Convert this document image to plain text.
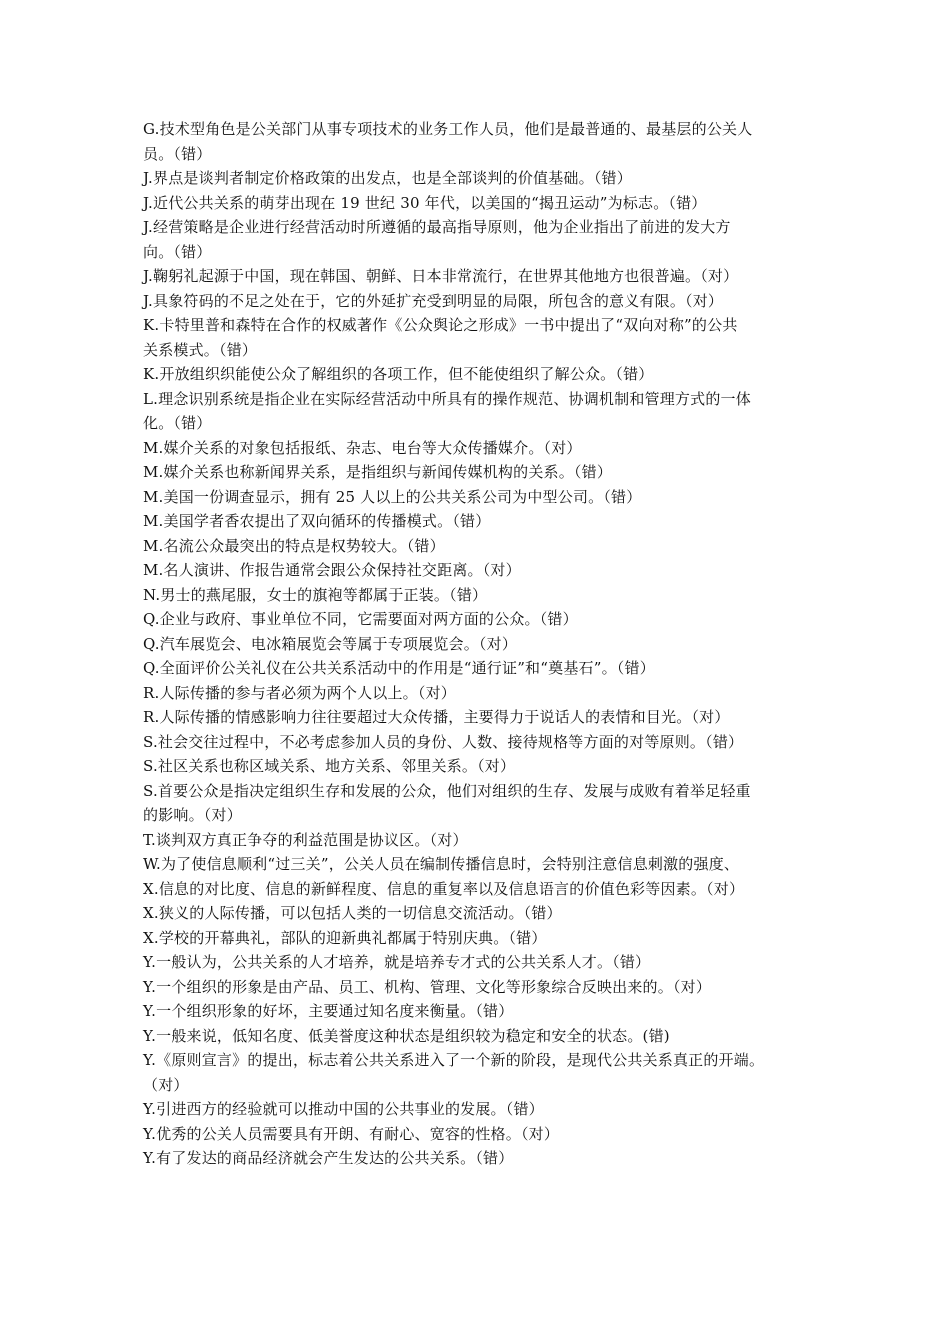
G.技术型角色是公关部门从事专项技术的业务工作人员，他们是最普通的、最基层的公关人

员。（错）

J.界点是谈判者制定价格政策的出发点，也是全部谈判的价值基础。（错）

J.近代公共关系的萌芽出现在 19 世纪 30 年代，以美国的“揭丑运动”为标志。（错）

J.经营策略是企业进行经营活动时所遵循的最高指导原则，他为企业指出了前进的发大方

向。（错）

J.鞠躬礼起源于中国，现在韩国、朝鲜、日本非常流行，在世界其他地方也很普遍。（对）

J.具象符码的不足之处在于，它的外延扩充受到明显的局限，所包含的意义有限。（对）

K.卡特里普和森特在合作的权威著作《公众舆论之形成》一书中提出了“双向对称”的公共

关系模式。（错）

K.开放组织织能使公众了解组织的各项工作，但不能使组织了解公众。（错）

L.理念识别系统是指企业在实际经营活动中所具有的操作规范、协调机制和管理方式的一体

化。（错）

M.媒介关系的对象包括报纸、杂志、电台等大众传播媒介。（对）

M.媒介关系也称新闻界关系，是指组织与新闻传媒机构的关系。（错）

M.美国一份调查显示，拥有 25 人以上的公共关系公司为中型公司。（错）

M.美国学者香农提出了双向循环的传播模式。（错）

M.名流公众最突出的特点是权势较大。（错）

M.名人演讲、作报告通常会跟公众保持社交距离。（对）

N.男士的燕尾服，女士的旗袍等都属于正装。（错）

Q.企业与政府、事业单位不同，它需要面对两方面的公众。（错）

Q.汽车展览会、电冰箱展览会等属于专项展览会。（对）

Q.全面评价公关礼仪在公共关系活动中的作用是“通行证”和“奠基石”。（错）

R.人际传播的参与者必须为两个人以上。（对）

R.人际传播的情感影响力往往要超过大众传播，主要得力于说话人的表情和目光。（对）

S.社会交往过程中，不必考虑参加人员的身份、人数、接待规格等方面的对等原则。（错）

S.社区关系也称区域关系、地方关系、邻里关系。（对）

S.首要公众是指决定组织生存和发展的公众，他们对组织的生存、发展与成败有着举足轻重

的影响。（对）

T.谈判双方真正争夺的利益范围是协议区。（对）

W.为了使信息顺利“过三关”，公关人员在编制传播信息时，会特别注意信息刺激的强度、

X.信息的对比度、信息的新鲜程度、信息的重复率以及信息语言的价值色彩等因素。（对）

X.狭义的人际传播，可以包括人类的一切信息交流活动。（错）

X.学校的开幕典礼，部队的迎新典礼都属于特别庆典。（错）

Y.一般认为，公共关系的人才培养，就是培养专才式的公共关系人才。（错）

Y.一个组织的形象是由产品、员工、机构、管理、文化等形象综合反映出来的。（对）

Y.一个组织形象的好坏，主要通过知名度来衡量。（错）

Y.一般来说，低知名度、低美誉度这种状态是组织较为稳定和安全的状态。(错)

Y.《原则宣言》的提出，标志着公共关系进入了一个新的阶段，是现代公共关系真正的开端。

（对）

Y.引进西方的经验就可以推动中国的公共事业的发展。（错）

Y.优秀的公关人员需要具有开朗、有耐心、宽容的性格。（对）

Y.有了发达的商品经济就会产生发达的公共关系。（错）
